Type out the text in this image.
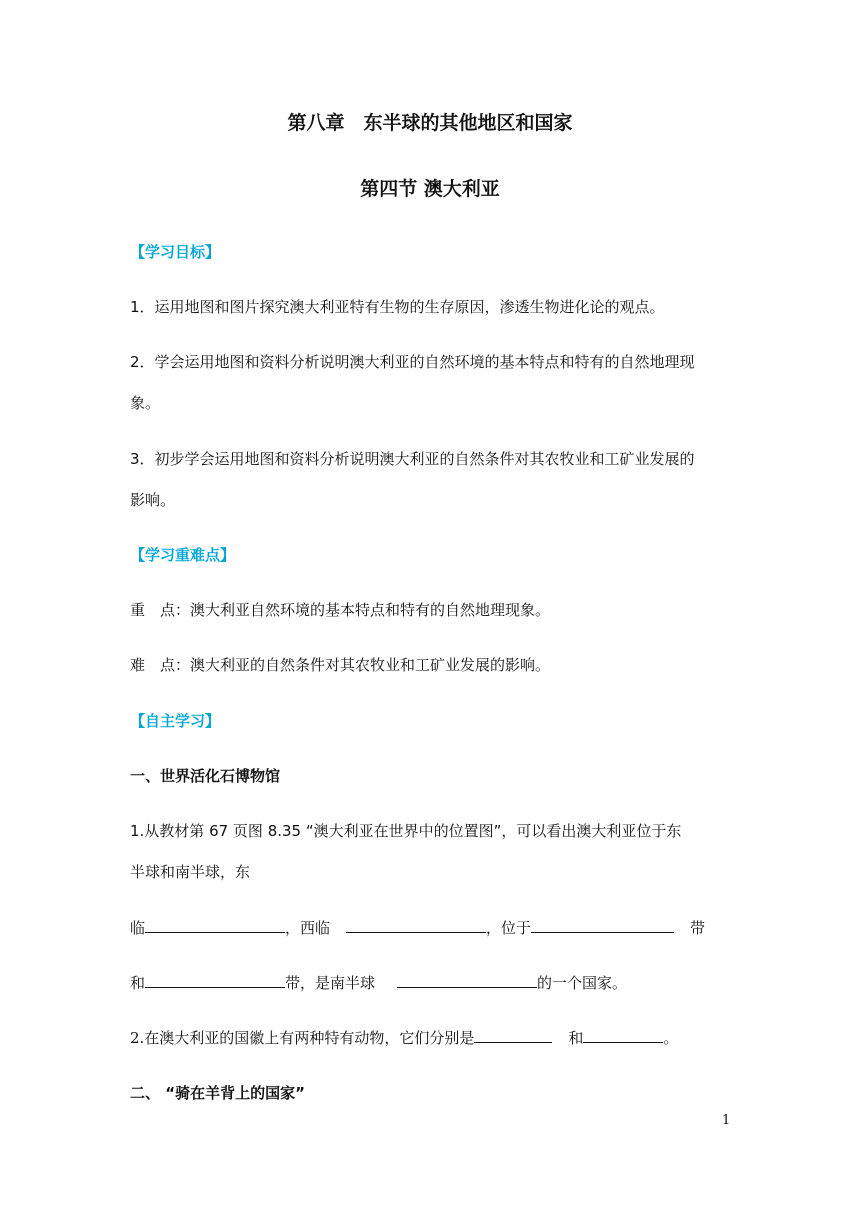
第八章　东半球的其他地区和国家
第四节 澳大利亚
【学习目标】
1．运用地图和图片探究澳大利亚特有生物的生存原因，渗透生物进化论的观点。
2．学会运用地图和资料分析说明澳大利亚的自然环境的基本特点和特有的自然地理现
象。
3．初步学会运用地图和资料分析说明澳大利亚的自然条件对其农牧业和工矿业发展的
影响。
【学习重难点】
重　点：澳大利亚自然环境的基本特点和特有的自然地理现象。
难　点：澳大利亚的自然条件对其农牧业和工矿业发展的影响。
【自主学习】
一、世界活化石博物馆
1.从教材第 67 页图 8.35 “澳大利亚在世界中的位置图”，可以看出澳大利亚位于东
半球和南半球，东
临	，西临	，位于	带
和	带，是南半球	的一个国家。
2.在澳大利亚的国徽上有两种特有动物，它们分别是	和	。
二、 “骑在羊背上的国家”
1
